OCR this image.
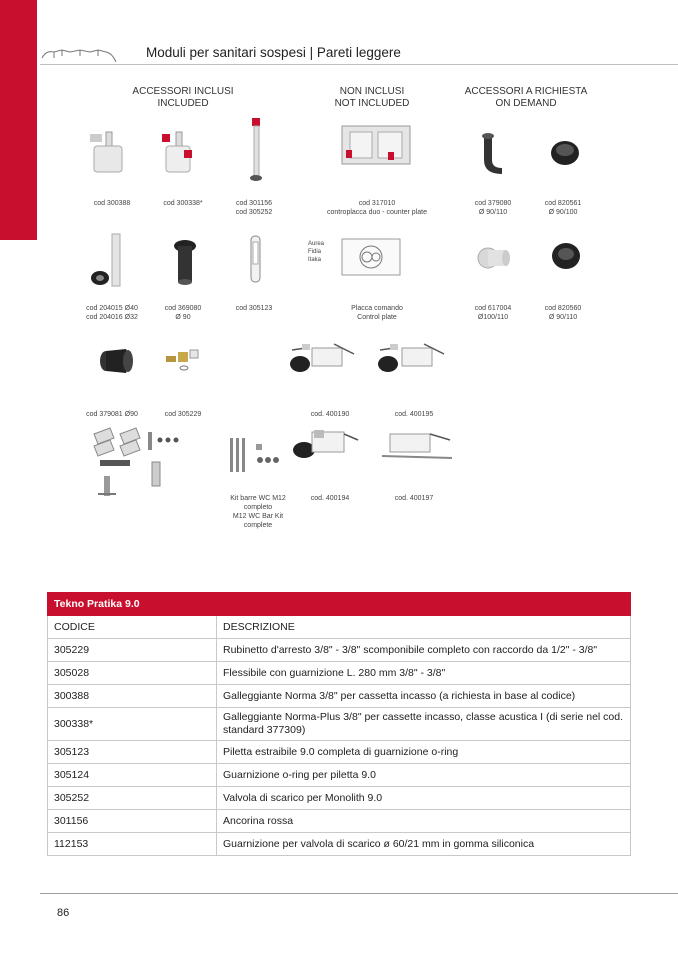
Moduli per sanitari sospesi | Pareti leggere
ACCESSORI INCLUSI
INCLUDED
NON INCLUSI
NOT INCLUDED
ACCESSORI A RICHIESTA
ON DEMAND
cod 300388	cod 300338*	cod 301156
cod 305252
cod 317010
controplacca duo - counter plate
cod 379080
Ø 90/110
cod 820561
Ø 90/100
Aurea
Fidia
Itaka
cod 204015 Ø40
cod 204016 Ø32
cod 369080
Ø 90
cod 305123	Placca comando
Control plate
cod 617004
Ø100/110
cod 820560
Ø 90/110
cod 379081 Ø90	cod 305229	cod. 400190	cod. 400195
Kit barre WC M12
completo
M12 WC Bar Kit
complete
cod. 400194	cod. 400197
Tekno Pratika 9.0	
CODICE	DESCRIZIONE
305229	Rubinetto d'arresto 3/8" - 3/8" scomponibile completo con raccordo da 1/2" - 3/8"
305028	Flessibile con guarnizione L. 280 mm 3/8" - 3/8"
300388	Galleggiante Norma 3/8" per cassetta incasso (a richiesta in base al codice)
300338*	Galleggiante Norma-Plus 3/8" per cassette incasso, classe acustica I (di serie nel cod. standard 377309)
305123	Piletta estraibile 9.0 completa di guarnizione o-ring
305124	Guarnizione o-ring per piletta 9.0
305252	Valvola di scarico per Monolith 9.0
301156	Ancorina rossa
112153	Guarnizione per valvola di scarico ø 60/21 mm in gomma siliconica
86
